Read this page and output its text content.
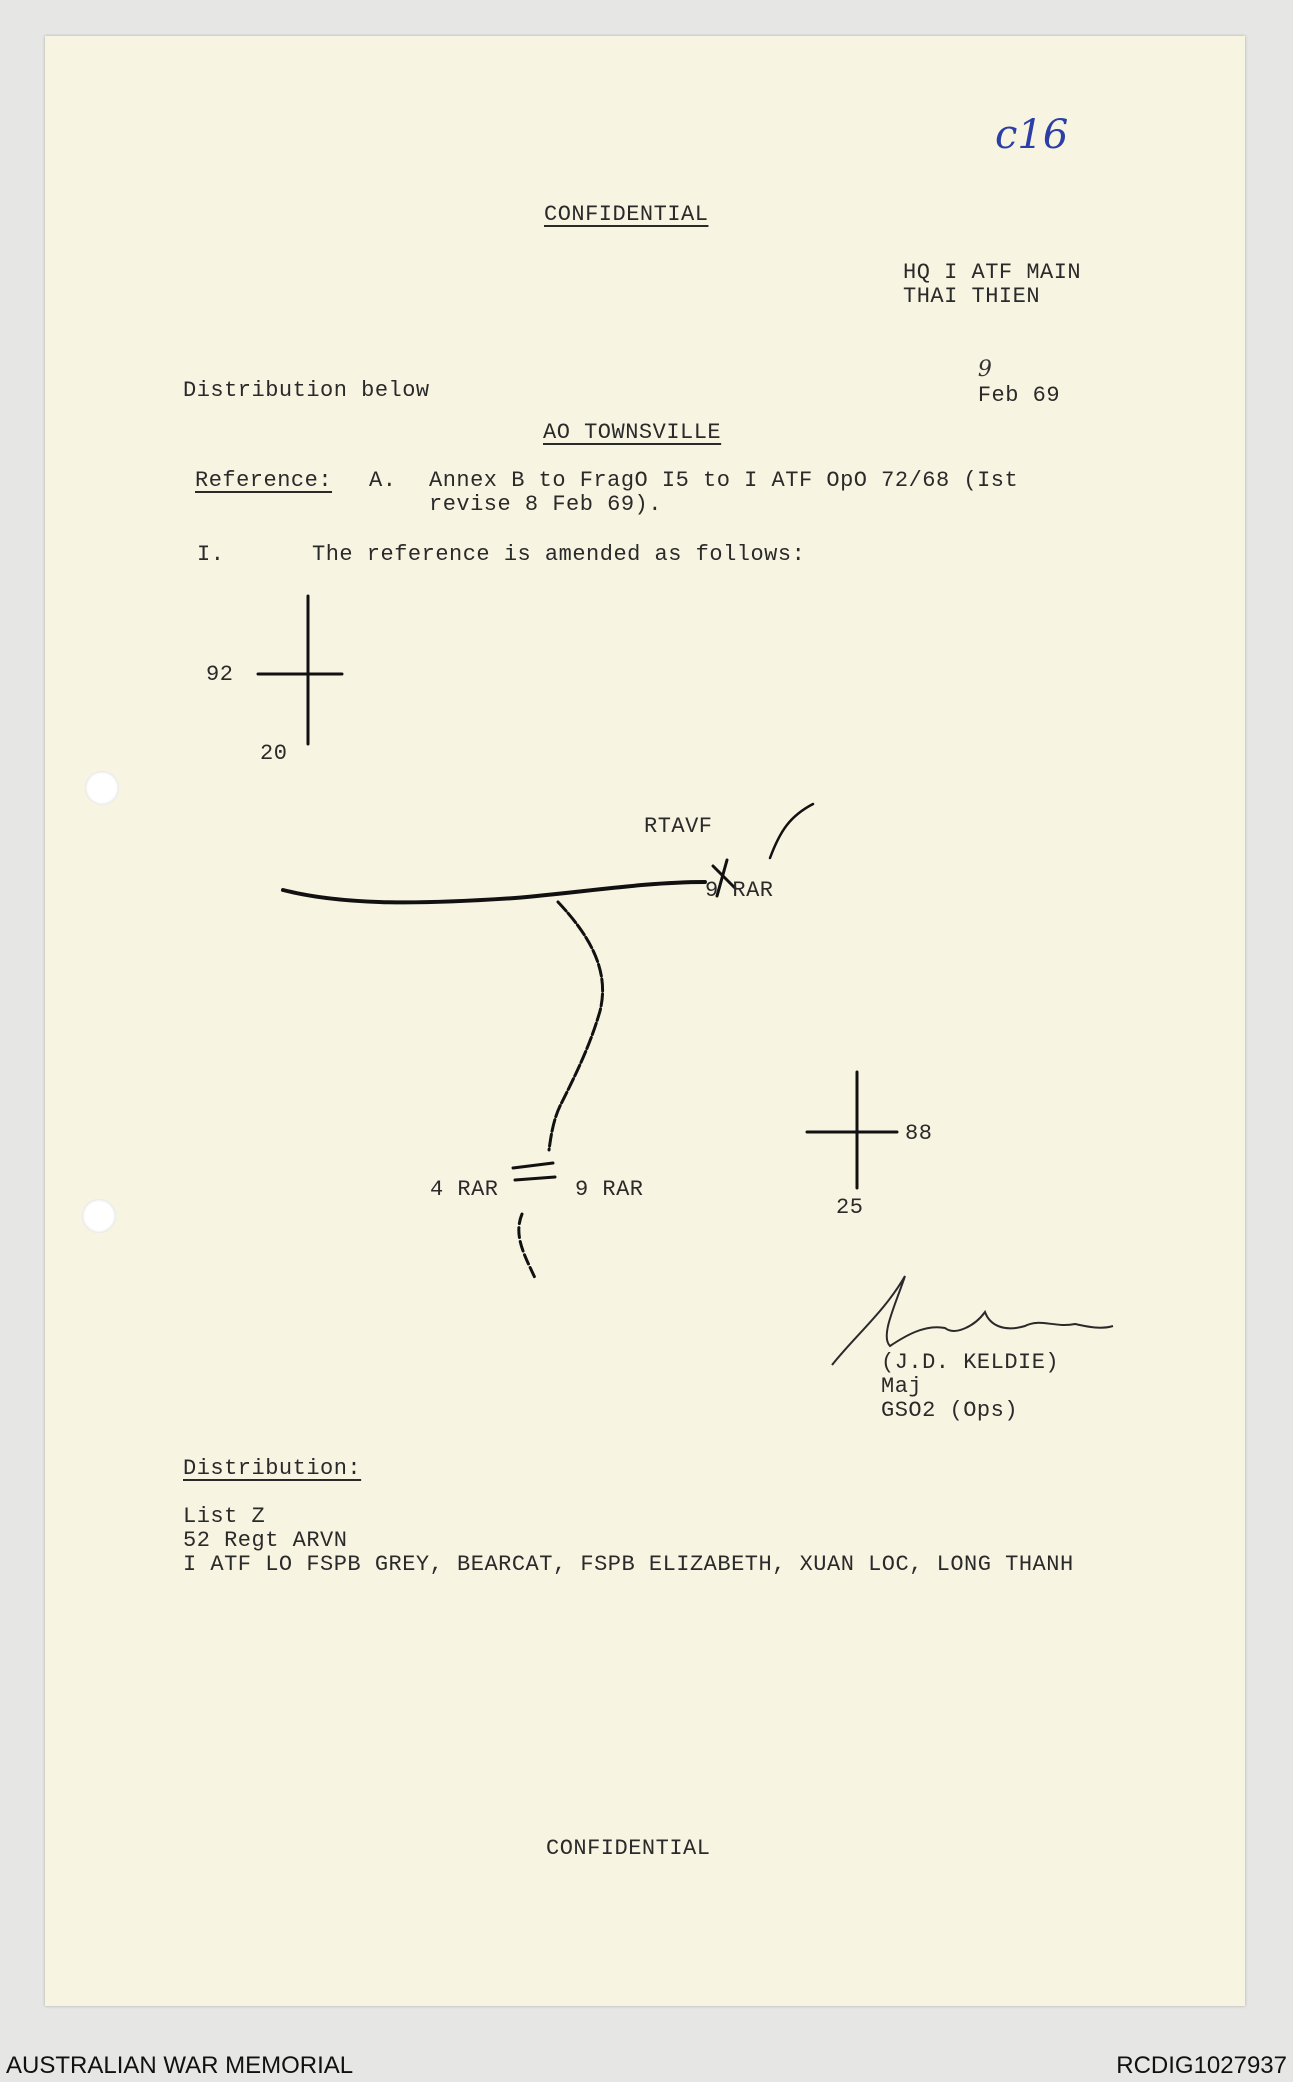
c16
CONFIDENTIAL
HQ I ATF MAIN
THAI THIEN

9
Feb 69

Distribution below
AO TOWNSVILLE
Reference: A. Annex B to FragO I5 to I ATF OpO 72/68 (Ist
revise 8 Feb 69).
I.	The reference is amended as follows:
92
20
RTAVF
9 RAR
88
25
4 RAR	9 RAR
(J.D. KELDIE)
Maj
GSO2 (Ops)
Distribution:
List Z
52 Regt ARVN
I ATF LO FSPB GREY, BEARCAT, FSPB ELIZABETH, XUAN LOC, LONG THANH
CONFIDENTIAL
AUSTRALIAN WAR MEMORIAL	RCDIG1027937
